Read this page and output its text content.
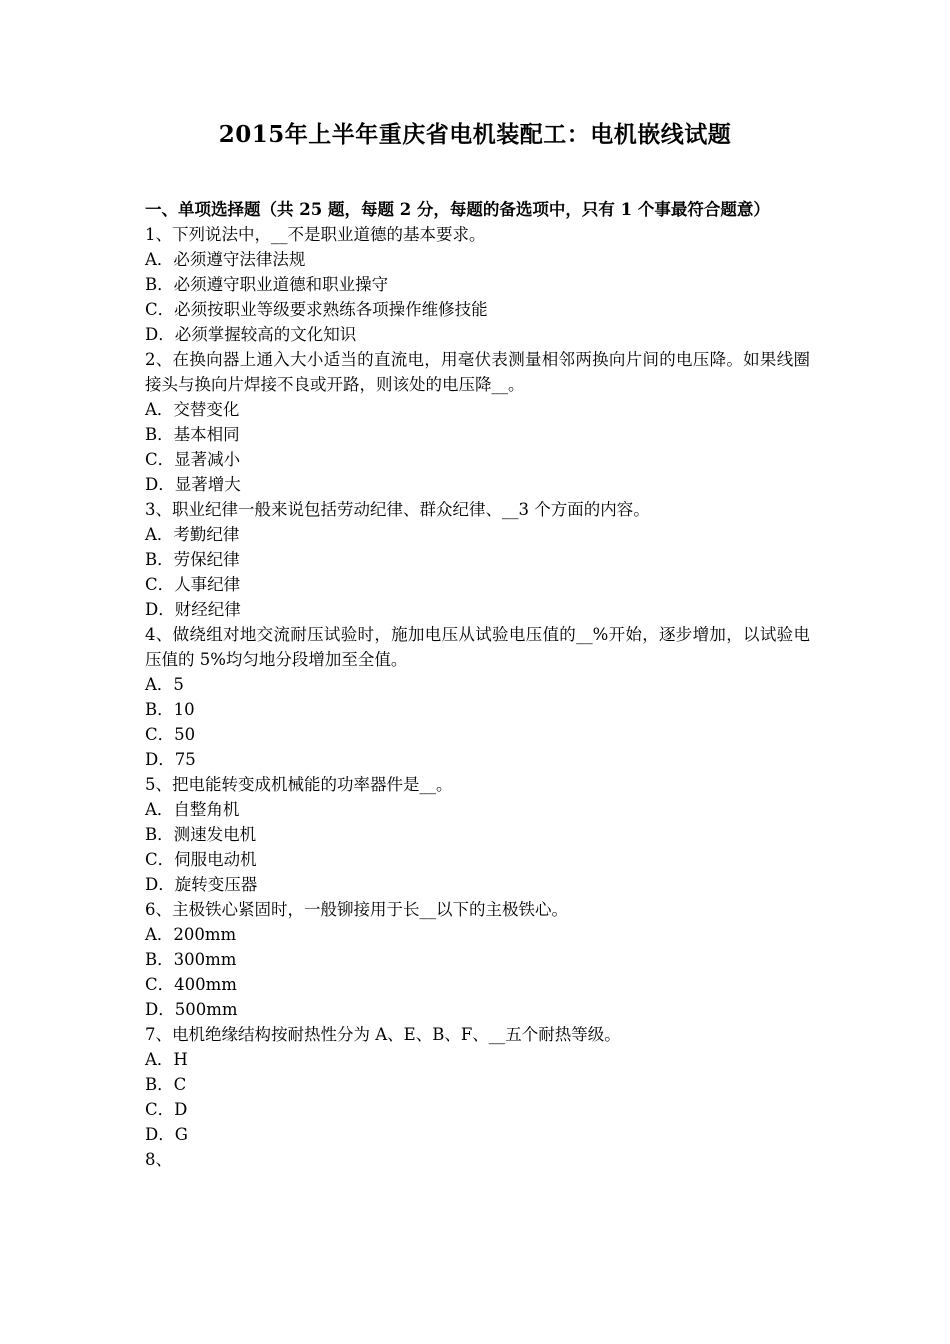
2015年上半年重庆省电机装配工：电机嵌线试题

一、单项选择题（共 25 题，每题 2 分，每题的备选项中，只有 1 个事最符合题意）

1、下列说法中，__不是职业道德的基本要求。

A．必须遵守法律法规

B．必须遵守职业道德和职业操守

C．必须按职业等级要求熟练各项操作维修技能

D．必须掌握较高的文化知识

2、在换向器上通入大小适当的直流电，用毫伏表测量相邻两换向片间的电压降。如果线圈接头与换向片焊接不良或开路，则该处的电压降__。

A．交替变化

B．基本相同

C．显著减小

D．显著增大

3、职业纪律一般来说包括劳动纪律、群众纪律、__3 个方面的内容。

A．考勤纪律

B．劳保纪律

C．人事纪律

D．财经纪律

4、做绕组对地交流耐压试验时，施加电压从试验电压值的__%开始，逐步增加，以试验电压值的 5%均匀地分段增加至全值。

A．5

B．10

C．50

D．75

5、把电能转变成机械能的功率器件是__。

A．自整角机

B．测速发电机

C．伺服电动机

D．旋转变压器

6、主极铁心紧固时，一般铆接用于长__以下的主极铁心。

A．200mm

B．300mm

C．400mm

D．500mm

7、电机绝缘结构按耐热性分为 A、E、B、F、__五个耐热等级。

A．H

B．C

C．D

D．G

8、
